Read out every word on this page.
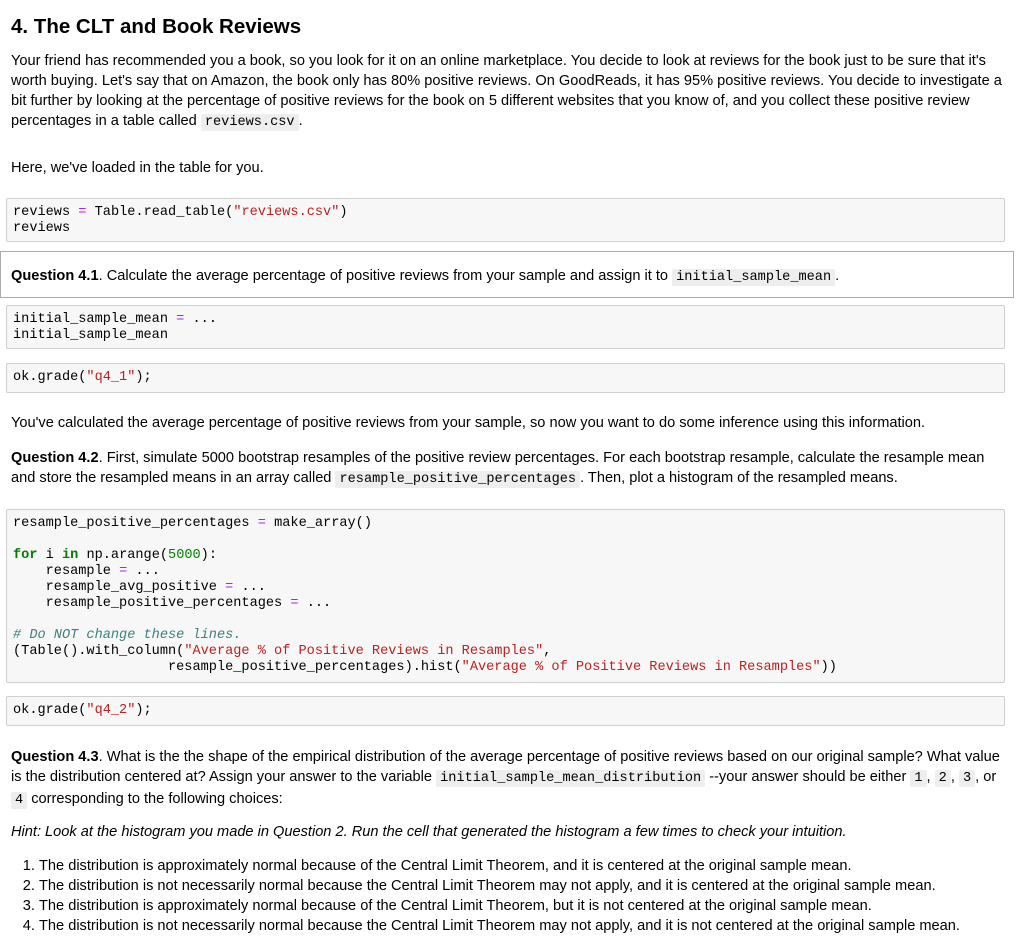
4. The CLT and Book Reviews

Your friend has recommended you a book, so you look for it on an online marketplace. You decide to look at reviews for the book just to be sure that it's worth buying. Let's say that on Amazon, the book only has 80% positive reviews. On GoodReads, it has 95% positive reviews. You decide to investigate a bit further by looking at the percentage of positive reviews for the book on 5 different websites that you know of, and you collect these positive review percentages in a table called reviews.csv .

Here, we've loaded in the table for you.

reviews = Table.read_table("reviews.csv")
reviews

Question 4.1. Calculate the average percentage of positive reviews from your sample and assign it to initial_sample_mean .

initial_sample_mean = ...
initial_sample_mean
ok.grade("q4_1");

You've calculated the average percentage of positive reviews from your sample, so now you want to do some inference using this information.

Question 4.2. First, simulate 5000 bootstrap resamples of the positive review percentages. For each bootstrap resample, calculate the resample mean and store the resampled means in an array called resample_positive_percentages . Then, plot a histogram of the resampled means.

resample_positive_percentages = make_array()

for i in np.arange(5000):
resample = ...
resample_avg_positive = ...
resample_positive_percentages = ...

# Do NOT change these lines.
(Table().with_column("Average % of Positive Reviews in Resamples",
resample_positive_percentages).hist("Average % of Positive Reviews in Resamples"))
ok.grade("q4_2");

Question 4.3. What is the the shape of the empirical distribution of the average percentage of positive reviews based on our original sample? What value is the distribution centered at? Assign your answer to the variable initial_sample_mean_distribution --your answer should be either 1 , 2 , 3 , or 4 corresponding to the following choices:

Hint: Look at the histogram you made in Question 2. Run the cell that generated the histogram a few times to check your intuition.

1. The distribution is approximately normal because of the Central Limit Theorem, and it is centered at the original sample mean.
2. The distribution is not necessarily normal because the Central Limit Theorem may not apply, and it is centered at the original sample mean.
3. The distribution is approximately normal because of the Central Limit Theorem, but it is not centered at the original sample mean.
4. The distribution is not necessarily normal because the Central Limit Theorem may not apply, and it is not centered at the original sample mean.
